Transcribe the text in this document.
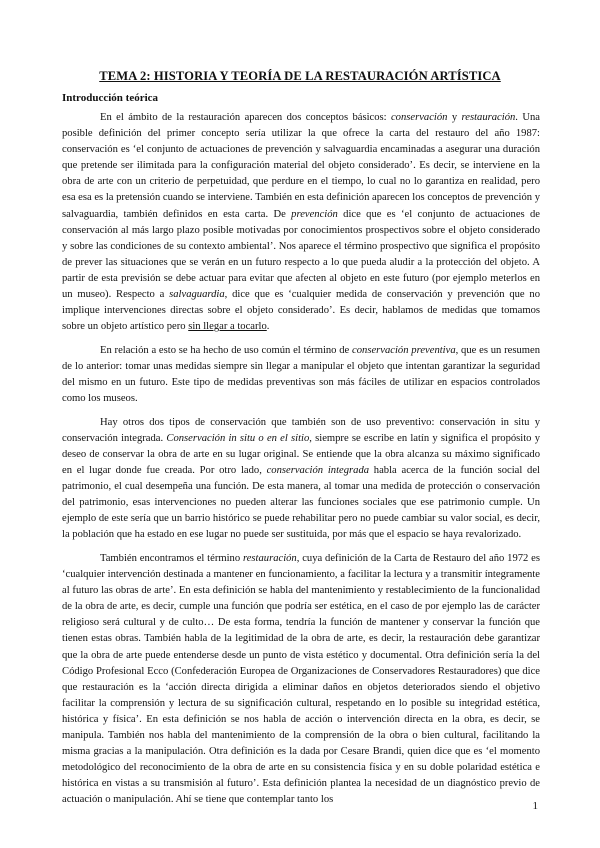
TEMA 2: HISTORIA Y TEORÍA DE LA RESTAURACIÓN ARTÍSTICA
Introducción teórica

En el ámbito de la restauración aparecen dos conceptos básicos: conservación y restauración. Una posible definición del primer concepto sería utilizar la que ofrece la carta del restauro del año 1987: conservación es ‘el conjunto de actuaciones de prevención y salvaguardia encaminadas a asegurar una duración que pretende ser ilimitada para la configuración material del objeto considerado’. Es decir, se interviene en la obra de arte con un criterio de perpetuidad, que perdure en el tiempo, lo cual no lo garantiza en realidad, pero esa esa es la pretensión cuando se interviene. También en esta definición aparecen los conceptos de prevención y salvaguardia, también definidos en esta carta. De prevención dice que es ‘el conjunto de actuaciones de conservación al más largo plazo posible motivadas por conocimientos prospectivos sobre el objeto considerado y sobre las condiciones de su contexto ambiental’. Nos aparece el término prospectivo que significa el propósito de prever las situaciones que se verán en un futuro respecto a lo que pueda aludir a la protección del objeto. A partir de esta previsión se debe actuar para evitar que afecten al objeto en este futuro (por ejemplo meterlos en un museo). Respecto a salvaguardia, dice que es ‘cualquier medida de conservación y prevención que no implique intervenciones directas sobre el objeto considerado’. Es decir, hablamos de medidas que tomamos sobre un objeto artístico pero sin llegar a tocarlo.

En relación a esto se ha hecho de uso común el término de conservación preventiva, que es un resumen de lo anterior: tomar unas medidas siempre sin llegar a manipular el objeto que intentan garantizar la seguridad del mismo en un futuro. Este tipo de medidas preventivas son más fáciles de utilizar en espacios controlados como los museos.

Hay otros dos tipos de conservación que también son de uso preventivo: conservación in situ y conservación integrada. Conservación in situ o en el sitio, siempre se escribe en latín y significa el propósito y deseo de conservar la obra de arte en su lugar original. Se entiende que la obra alcanza su máximo significado en el lugar donde fue creada. Por otro lado, conservación integrada habla acerca de la función social del patrimonio, el cual desempeña una función. De esta manera, al tomar una medida de protección o conservación del patrimonio, esas intervenciones no pueden alterar las funciones sociales que ese patrimonio cumple. Un ejemplo de este sería que un barrio histórico se puede rehabilitar pero no puede cambiar su valor social, es decir, la población que ha estado en ese lugar no puede ser sustituida, por más que el espacio se haya revalorizado.

También encontramos el término restauración, cuya definición de la Carta de Restauro del año 1972 es ‘cualquier intervención destinada a mantener en funcionamiento, a facilitar la lectura y a transmitir íntegramente al futuro las obras de arte’. En esta definición se habla del mantenimiento y restablecimiento de la funcionalidad de la obra de arte, es decir, cumple una función que podría ser estética, en el caso de por ejemplo las de carácter religioso será cultural y de culto… De esta forma, tendría la función de mantener y conservar la función que tienen estas obras. También habla de la legitimidad de la obra de arte, es decir, la restauración debe garantizar que la obra de arte puede entenderse desde un punto de vista estético y documental. Otra definición sería la del Código Profesional Ecco (Confederación Europea de Organizaciones de Conservadores Restauradores) que dice que restauración es la ‘acción directa dirigida a eliminar daños en objetos deteriorados siendo el objetivo facilitar la comprensión y lectura de su significación cultural, respetando en lo posible su integridad estética, histórica y física’. En esta definición se nos habla de acción o intervención directa en la obra, es decir, se manipula. También nos habla del mantenimiento de la comprensión de la obra o bien cultural, facilitando la misma gracias a la manipulación. Otra definición es la dada por Cesare Brandi, quien dice que es ‘el momento metodológico del reconocimiento de la obra de arte en su consistencia física y en su doble polaridad estética e histórica en vistas a su transmisión al futuro’. Esta definición plantea la necesidad de un diagnóstico previo de actuación o manipulación. Ahí se tiene que contemplar tanto los

1
